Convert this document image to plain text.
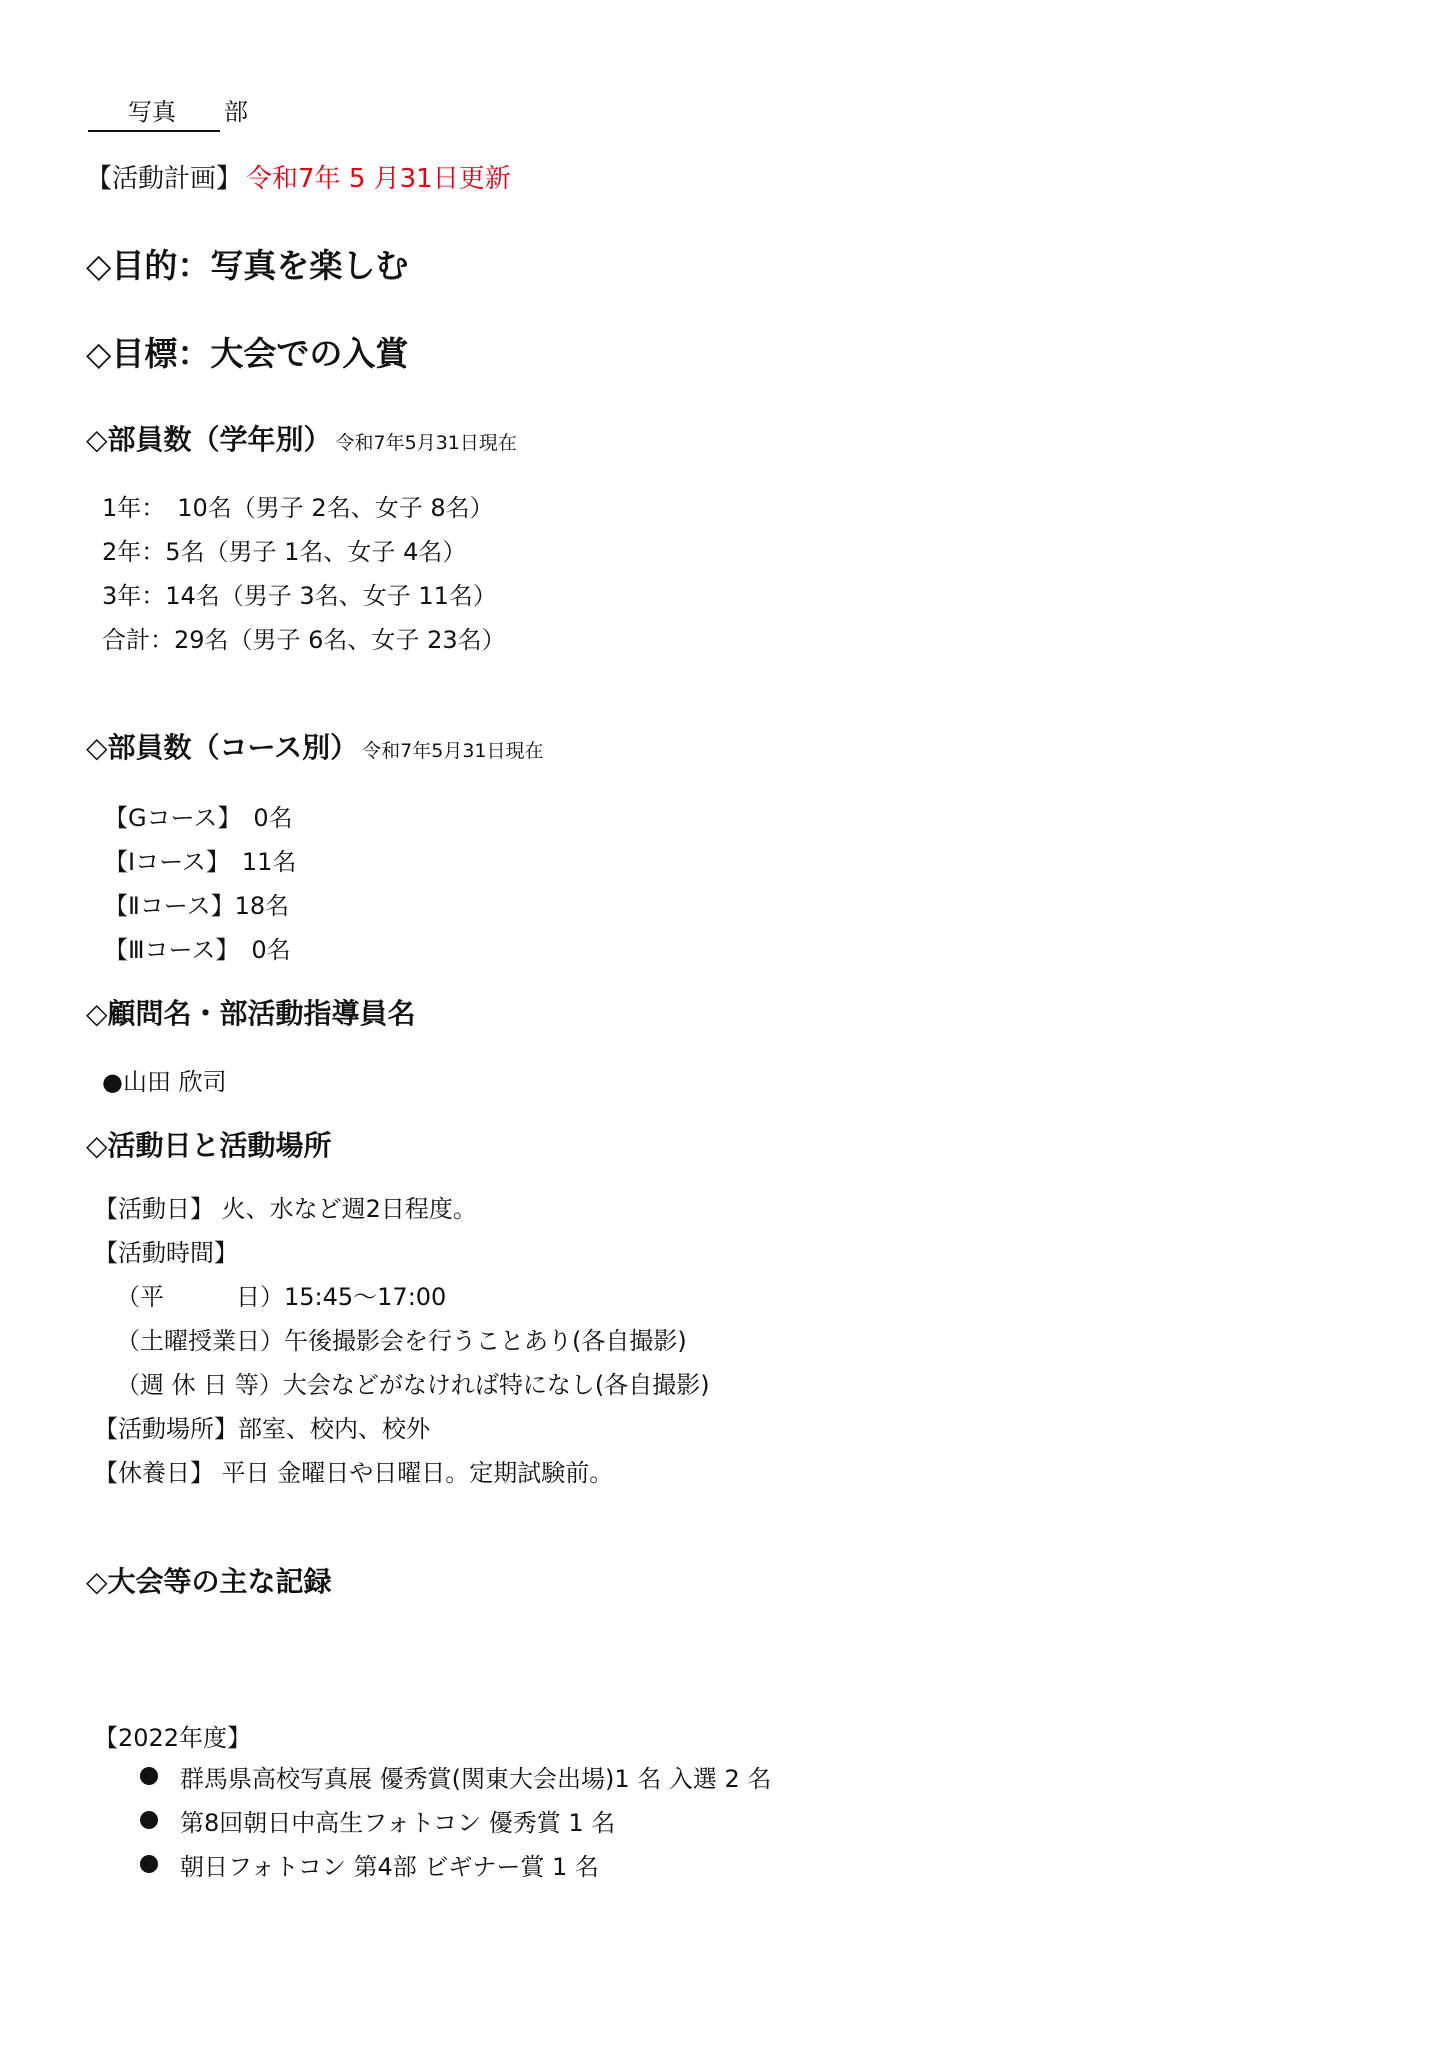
写真 部
【活動計画】 令和7年 5 月31日更新
◇目的：写真を楽しむ
◇目標：大会での入賞
◇部員数（学年別） 令和7年5月31日現在
1年：　10名（男子 2名、女子 8名）
2年：5名（男子 1名、女子 4名）
3年：14名（男子 3名、女子 11名）
合計：29名（男子 6名、女子 23名）
◇部員数（コース別） 令和7年5月31日現在
【Gコース】　0名
【Ⅰコース】　11名
【Ⅱコース】18名
【Ⅲコース】　0名
◇顧問名・部活動指導員名
●山田 欣司
◇活動日と活動場所
【活動日】 火、水など週2日程度。
【活動時間】
（平　　　日）15:45～17:00
（土曜授業日）午後撮影会を行うことあり(各自撮影)
（週 休 日 等）大会などがなければ特になし(各自撮影)
【活動場所】部室、校内、校外
【休養日】 平日 金曜日や日曜日。定期試験前。
◇大会等の主な記録
【2022年度】
群馬県高校写真展 優秀賞(関東大会出場)1 名 入選 2 名
第8回朝日中高生フォトコン 優秀賞 1 名
朝日フォトコン 第4部 ビギナー賞 1 名
